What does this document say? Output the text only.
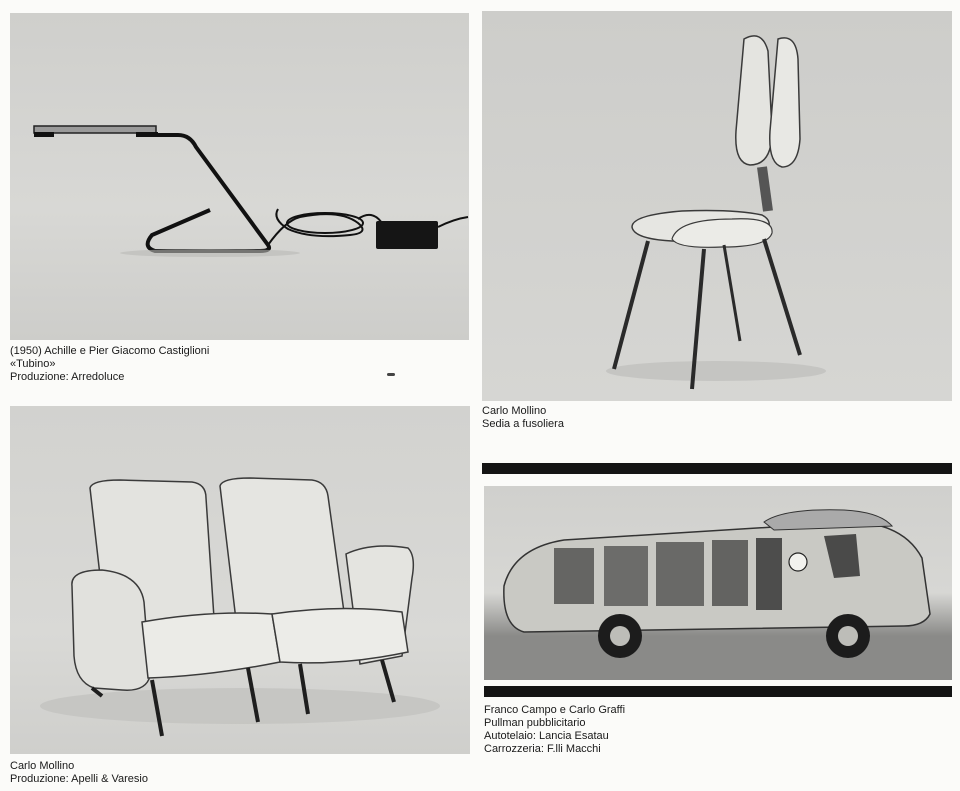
(1950) Achille e Pier Giacomo Castiglioni
«Tubino»
Produzione: Arredoluce
Carlo Mollino
Sedia a fusoliera
Carlo Mollino
Produzione: Apelli & Varesio
Franco Campo e Carlo Graffi
Pullman pubblicitario
Autotelaio: Lancia Esatau
Carrozzeria: F.lli Macchi
